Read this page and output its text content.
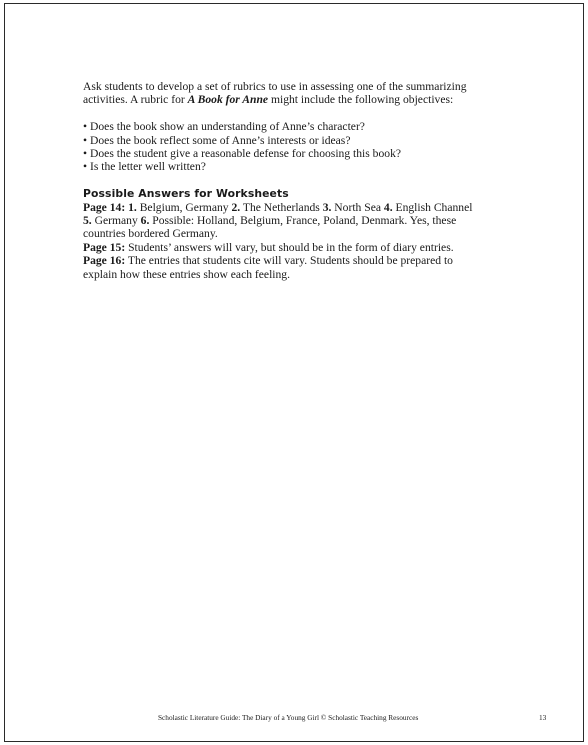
Ask students to develop a set of rubrics to use in assessing one of the summarizing activities. A rubric for A Book for Anne might include the following objectives:

• Does the book show an understanding of Anne’s character?
• Does the book reflect some of Anne’s interests or ideas?
• Does the student give a reasonable defense for choosing this book?
• Is the letter well written?
Possible Answers for Worksheets

Page 14: 1. Belgium, Germany 2. The Netherlands 3. North Sea 4. English Channel 5. Germany 6. Possible: Holland, Belgium, France, Poland, Denmark. Yes, these countries bordered Germany.

Page 15: Students’ answers will vary, but should be in the form of diary entries.

Page 16: The entries that students cite will vary. Students should be prepared to explain how these entries show each feeling.

Scholastic Literature Guide: The Diary of a Young Girl © Scholastic Teaching Resources	13
